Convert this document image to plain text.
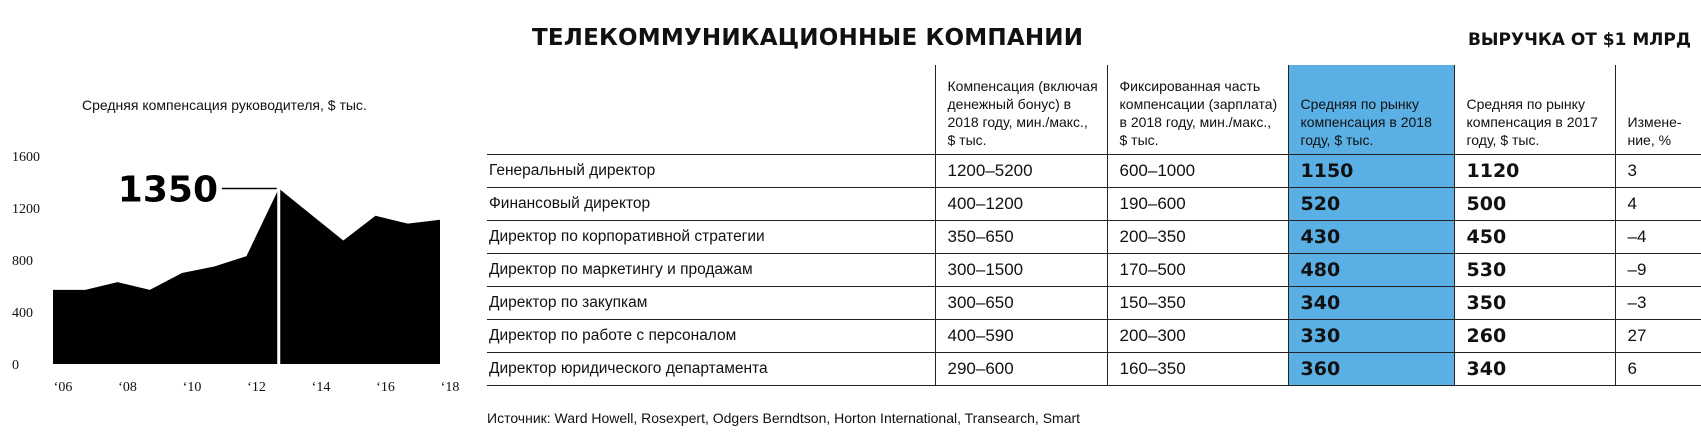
Средняя компенсация руководителя, $ тыс.
0
400
800
1200
1600
‘06	‘08	‘10	‘12	‘14	‘16	‘18
1350
ТЕЛЕКОММУНИКАЦИОННЫЕ КОМПАНИИ	ВЫРУЧКА ОТ $1 МЛРД
	Компенсация (включая денежный бонус) в 2018 году, мин./макс., $ тыс.	Фиксированная часть компенсации (зарплата) в 2018 году, мин./макс., $ тыс.	Средняя по рынку компенсация в 2018 году, $ тыс.	Средняя по рынку компенсация в 2017 году, $ тыс.	Измене-ние, %
Генеральный директор	1200–5200	600–1000	1150	1120	3
Финансовый директор	400–1200	190–600	520	500	4
Директор по корпоративной стратегии	350–650	200–350	430	450	–4
Директор по маркетингу и продажам	300–1500	170–500	480	530	–9
Директор по закупкам	300–650	150–350	340	350	–3
Директор по работе с персоналом	400–590	200–300	330	260	27
Директор юридического департамента	290–600	160–350	360	340	6

Источник: Ward Howell, Rosexpert, Odgers Berndtson, Horton International, Transearch, Smart
